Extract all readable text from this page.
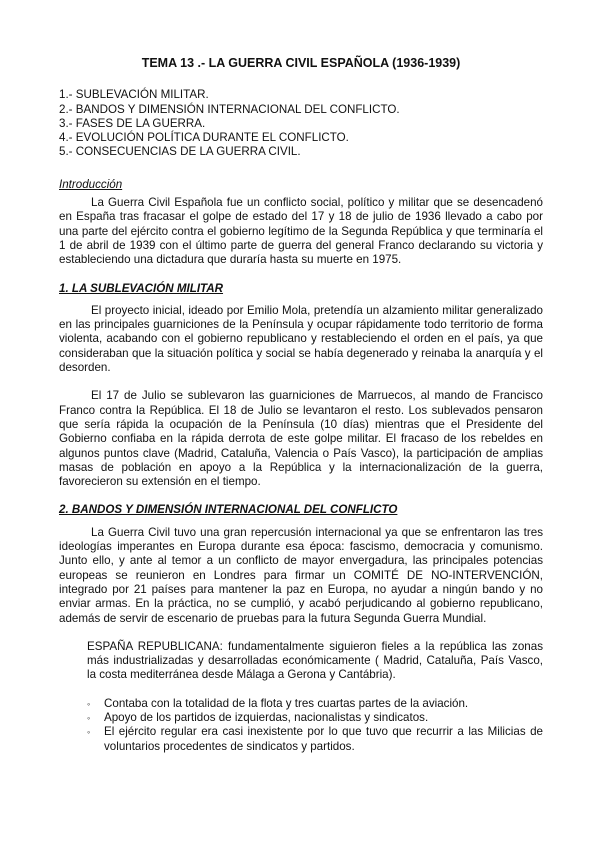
TEMA 13 .- LA GUERRA CIVIL ESPAÑOLA (1936-1939)
1.- SUBLEVACIÓN MILITAR.
2.- BANDOS Y DIMENSIÓN INTERNACIONAL DEL CONFLICTO.
3.- FASES DE LA GUERRA.
4.- EVOLUCIÓN POLÍTICA DURANTE EL CONFLICTO.
5.- CONSECUENCIAS DE LA GUERRA CIVIL.
Introducción

La Guerra Civil Española fue un conflicto social, político y militar que se desencadenó en España tras fracasar el golpe de estado del 17 y 18 de julio de 1936 llevado a cabo por una parte del ejército contra el gobierno legítimo de la Segunda República y que terminaría el 1 de abril de 1939 con el último parte de guerra del general Franco declarando su victoria y estableciendo una dictadura que duraría hasta su muerte en 1975.

1. LA SUBLEVACIÓN MILITAR

El proyecto inicial, ideado por Emilio Mola, pretendía un alzamiento militar generalizado en las principales guarniciones de la Península y ocupar rápidamente todo territorio de forma violenta, acabando con el gobierno republicano y restableciendo el orden en el país, ya que consideraban que la situación política y social se había degenerado y reinaba la anarquía y el desorden.

El 17 de Julio se sublevaron las guarniciones de Marruecos, al mando de Francisco Franco contra la República. El 18 de Julio se levantaron el resto. Los sublevados pensaron que sería rápida la ocupación de la Península (10 días) mientras que el Presidente del Gobierno confiaba en la rápida derrota de este golpe militar. El fracaso de los rebeldes en algunos puntos clave (Madrid, Cataluña, Valencia o País Vasco), la participación de amplias masas de población en apoyo a la República y la internacionalización de la guerra, favorecieron su extensión en el tiempo.

2. BANDOS Y DIMENSIÓN INTERNACIONAL DEL CONFLICTO

La Guerra Civil tuvo una gran repercusión internacional ya que se enfrentaron las tres ideologías imperantes en Europa durante esa época: fascismo, democracia y comunismo. Junto ello, y ante al temor a un conflicto de mayor envergadura, las principales potencias europeas se reunieron en Londres para firmar un COMITÉ DE NO-INTERVENCIÓN, integrado por 21 países para mantener la paz en Europa, no ayudar a ningún bando y no enviar armas. En la práctica, no se cumplió, y acabó perjudicando al gobierno republicano, además de servir de escenario de pruebas para la futura Segunda Guerra Mundial.

ESPAÑA REPUBLICANA: fundamentalmente siguieron fieles a la república las zonas más industrializadas y desarrolladas económicamente ( Madrid, Cataluña, País Vasco, la costa mediterránea desde Málaga a Gerona y Cantábria).
◦ Contaba con la totalidad de la flota y tres cuartas partes de la aviación.
◦ Apoyo de los partidos de izquierdas, nacionalistas y sindicatos.
◦ El ejército regular era casi inexistente por lo que tuvo que recurrir a las Milicias de voluntarios procedentes de sindicatos y partidos.
